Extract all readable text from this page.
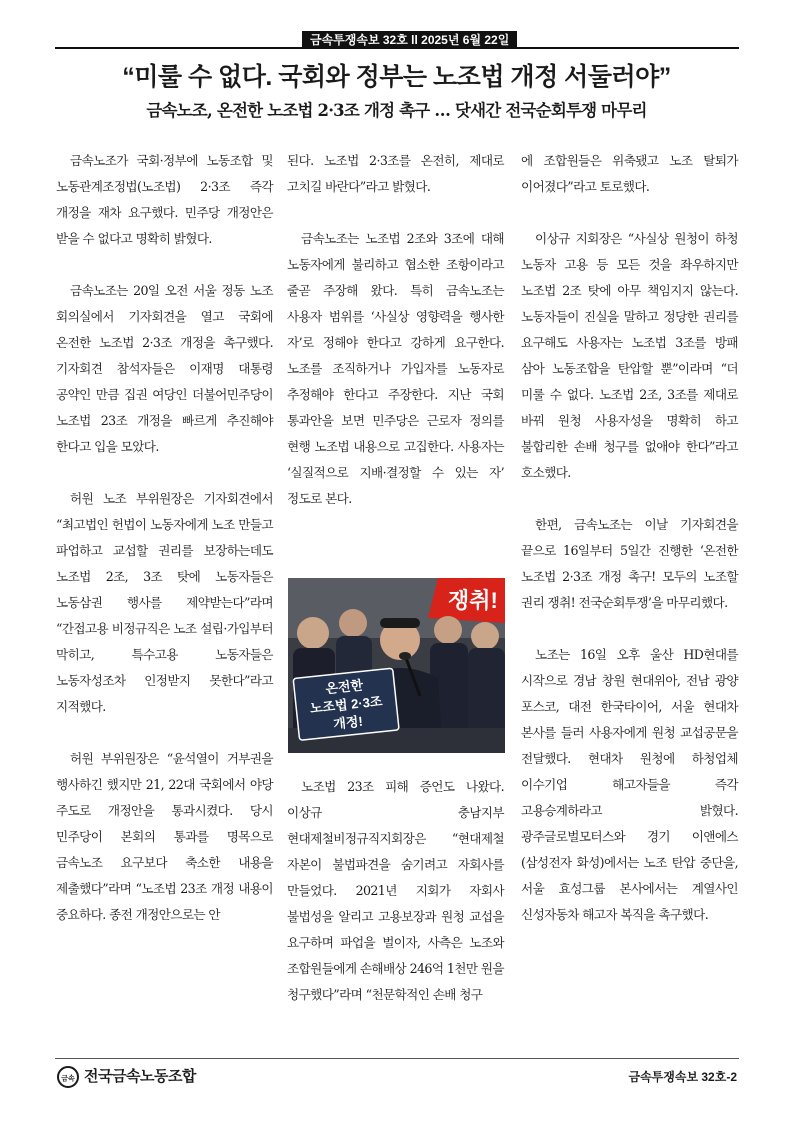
금속투쟁속보 32호 ll 2025년 6월 22일
“미룰 수 없다. 국회와 정부는 노조법 개정 서둘러야”
금속노조, 온전한 노조법 2·3조 개정 촉구 … 닷새간 전국순회투쟁 마무리

금속노조가 국회·정부에 노동조합 및 노동관계조정법(노조법) 2·3조 즉각 개정을 재차 요구했다. 민주당 개정안은 받을 수 없다고 명확히 밝혔다.

금속노조는 20일 오전 서울 정동 노조 회의실에서 기자회견을 열고 국회에 온전한 노조법 2·3조 개정을 촉구했다. 기자회견 참석자들은 이재명 대통령 공약인 만큼 집권 여당인 더불어민주당이 노조법 23조 개정을 빠르게 추진해야 한다고 입을 모았다.

허원 노조 부위원장은 기자회견에서 “최고법인 헌법이 노동자에게 노조 만들고 파업하고 교섭할 권리를 보장하는데도 노조법 2조, 3조 탓에 노동자들은 노동삼권 행사를 제약받는다”라며 “간접고용 비정규직은 노조 설립·가입부터 막히고, 특수고용 노동자들은 노동자성조차 인정받지 못한다”라고 지적했다.

허원 부위원장은 “윤석열이 거부권을 행사하긴 했지만 21, 22대 국회에서 야당 주도로 개정안을 통과시켰다. 당시 민주당이 본회의 통과를 명목으로 금속노조 요구보다 축소한 내용을 제출했다”라며 “노조법 23조 개정 내용이 중요하다. 종전 개정안으로는 안

된다. 노조법 2·3조를 온전히, 제대로 고치길 바란다”라고 밝혔다.

금속노조는 노조법 2조와 3조에 대해 노동자에게 불리하고 협소한 조항이라고 줄곧 주장해 왔다. 특히 금속노조는 사용자 범위를 ‘사실상 영향력을 행사한 자’로 정해야 한다고 강하게 요구한다. 노조를 조직하거나 가입자를 노동자로 추정해야 한다고 주장한다. 지난 국회 통과안을 보면 민주당은 근로자 정의를 현행 노조법 내용으로 고집한다. 사용자는 ‘실질적으로 지배·결정할 수 있는 자’ 정도로 본다.

쟁취!
온전한
노조법 2·3조
개정!

노조법 23조 피해 증언도 나왔다. 이상규 충남지부 현대제철비정규직지회장은 “현대제철 자본이 불법파견을 숨기려고 자회사를 만들었다. 2021년 지회가 자회사 불법성을 알리고 고용보장과 원청 교섭을 요구하며 파업을 벌이자, 사측은 노조와 조합원들에게 손해배상 246억 1천만 원을 청구했다”라며 “천문학적인 손배 청구

에 조합원들은 위축됐고 노조 탈퇴가 이어졌다”라고 토로했다.

이상규 지회장은 “사실상 원청이 하청 노동자 고용 등 모든 것을 좌우하지만 노조법 2조 탓에 아무 책임지지 않는다. 노동자들이 진실을 말하고 정당한 권리를 요구해도 사용자는 노조법 3조를 방패 삼아 노동조합을 탄압할 뿐”이라며 “더 미룰 수 없다. 노조법 2조, 3조를 제대로 바꿔 원청 사용자성을 명확히 하고 불합리한 손배 청구를 없애야 한다”라고 호소했다.

한편, 금속노조는 이날 기자회견을 끝으로 16일부터 5일간 진행한 ‘온전한 노조법 2·3조 개정 촉구! 모두의 노조할 권리 쟁취! 전국순회투쟁’을 마무리했다.

노조는 16일 오후 울산 HD현대를 시작으로 경남 창원 현대위아, 전남 광양 포스코, 대전 한국타이어, 서울 현대차 본사를 들러 사용자에게 원청 교섭공문을 전달했다. 현대차 원청에 하청업체 이수기업 해고자들을 즉각 고용승계하라고 밝혔다. 광주글로벌모터스와 경기 이앤에스(삼성전자 화성)에서는 노조 탄압 중단을, 서울 효성그룹 본사에서는 계열사인 신성자동차 해고자 복직을 촉구했다.

금속 전국금속노동조합	금속투쟁속보 32호-2
